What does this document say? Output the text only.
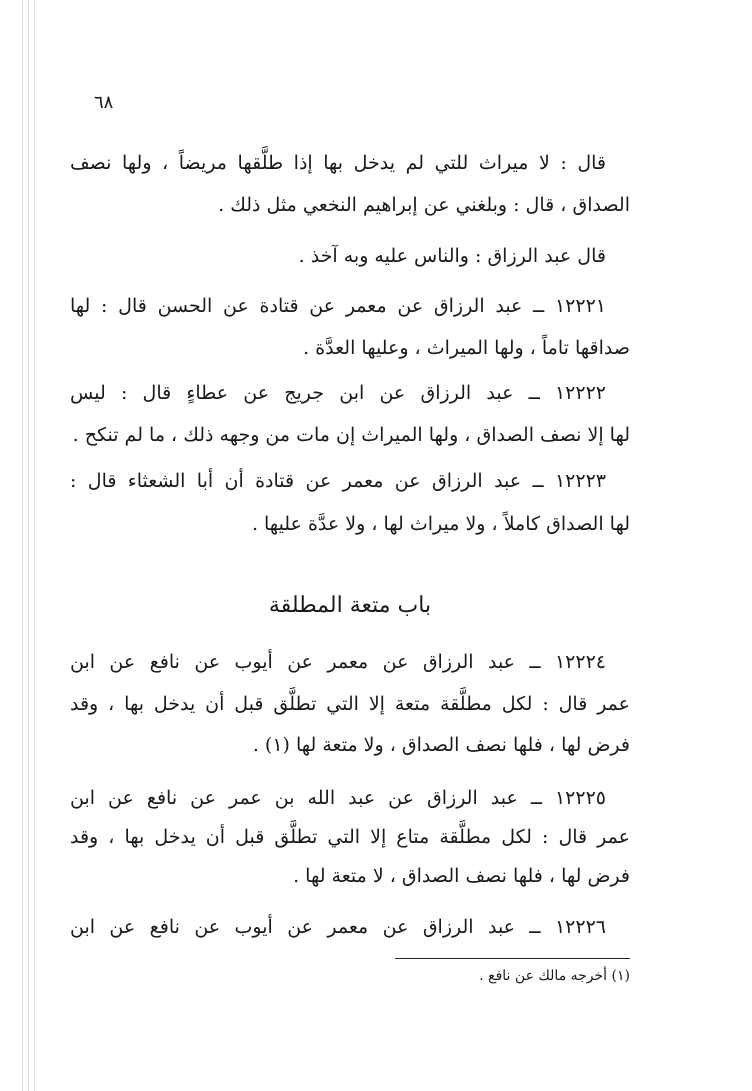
٦٨
قال : لا ميراث للتي لم يدخل بها إذا طلَّقها مريضاً ، ولها نصف
الصداق ، قال : وبلغني عن إبراهيم النخعي مثل ذلك .
قال عبد الرزاق : والناس عليه وبه آخذ .
١٢٢٢١ ــ عبد الرزاق عن معمر عن قتادة عن الحسن قال : لها
صداقها تاماً ، ولها الميراث ، وعليها العدَّة .
١٢٢٢٢ ــ عبد الرزاق عن ابن جريج عن عطاءٍ قال : ليس
لها إلا نصف الصداق ، ولها الميراث إن مات من وجهه ذلك ، ما لم تنكح .
١٢٢٢٣ ــ عبد الرزاق عن معمر عن قتادة أن أبا الشعثاء قال :
لها الصداق كاملاً ، ولا ميراث لها ، ولا عدَّة عليها .
باب متعة المطلقة
١٢٢٢٤ ــ عبد الرزاق عن معمر عن أيوب عن نافع عن ابن
عمر قال : لكل مطلَّقة متعة إلا التي تطلَّق قبل أن يدخل بها ، وقد
فرض لها ، فلها نصف الصداق ، ولا متعة لها (١) .
١٢٢٢٥ ــ عبد الرزاق عن عبد الله بن عمر عن نافع عن ابن
عمر قال : لكل مطلَّقة متاع إلا التي تطلَّق قبل أن يدخل بها ، وقد
فرض لها ، فلها نصف الصداق ، لا متعة لها .
١٢٢٢٦ ــ عبد الرزاق عن معمر عن أيوب عن نافع عن ابن
(١) أخرجه مالك عن نافع .
